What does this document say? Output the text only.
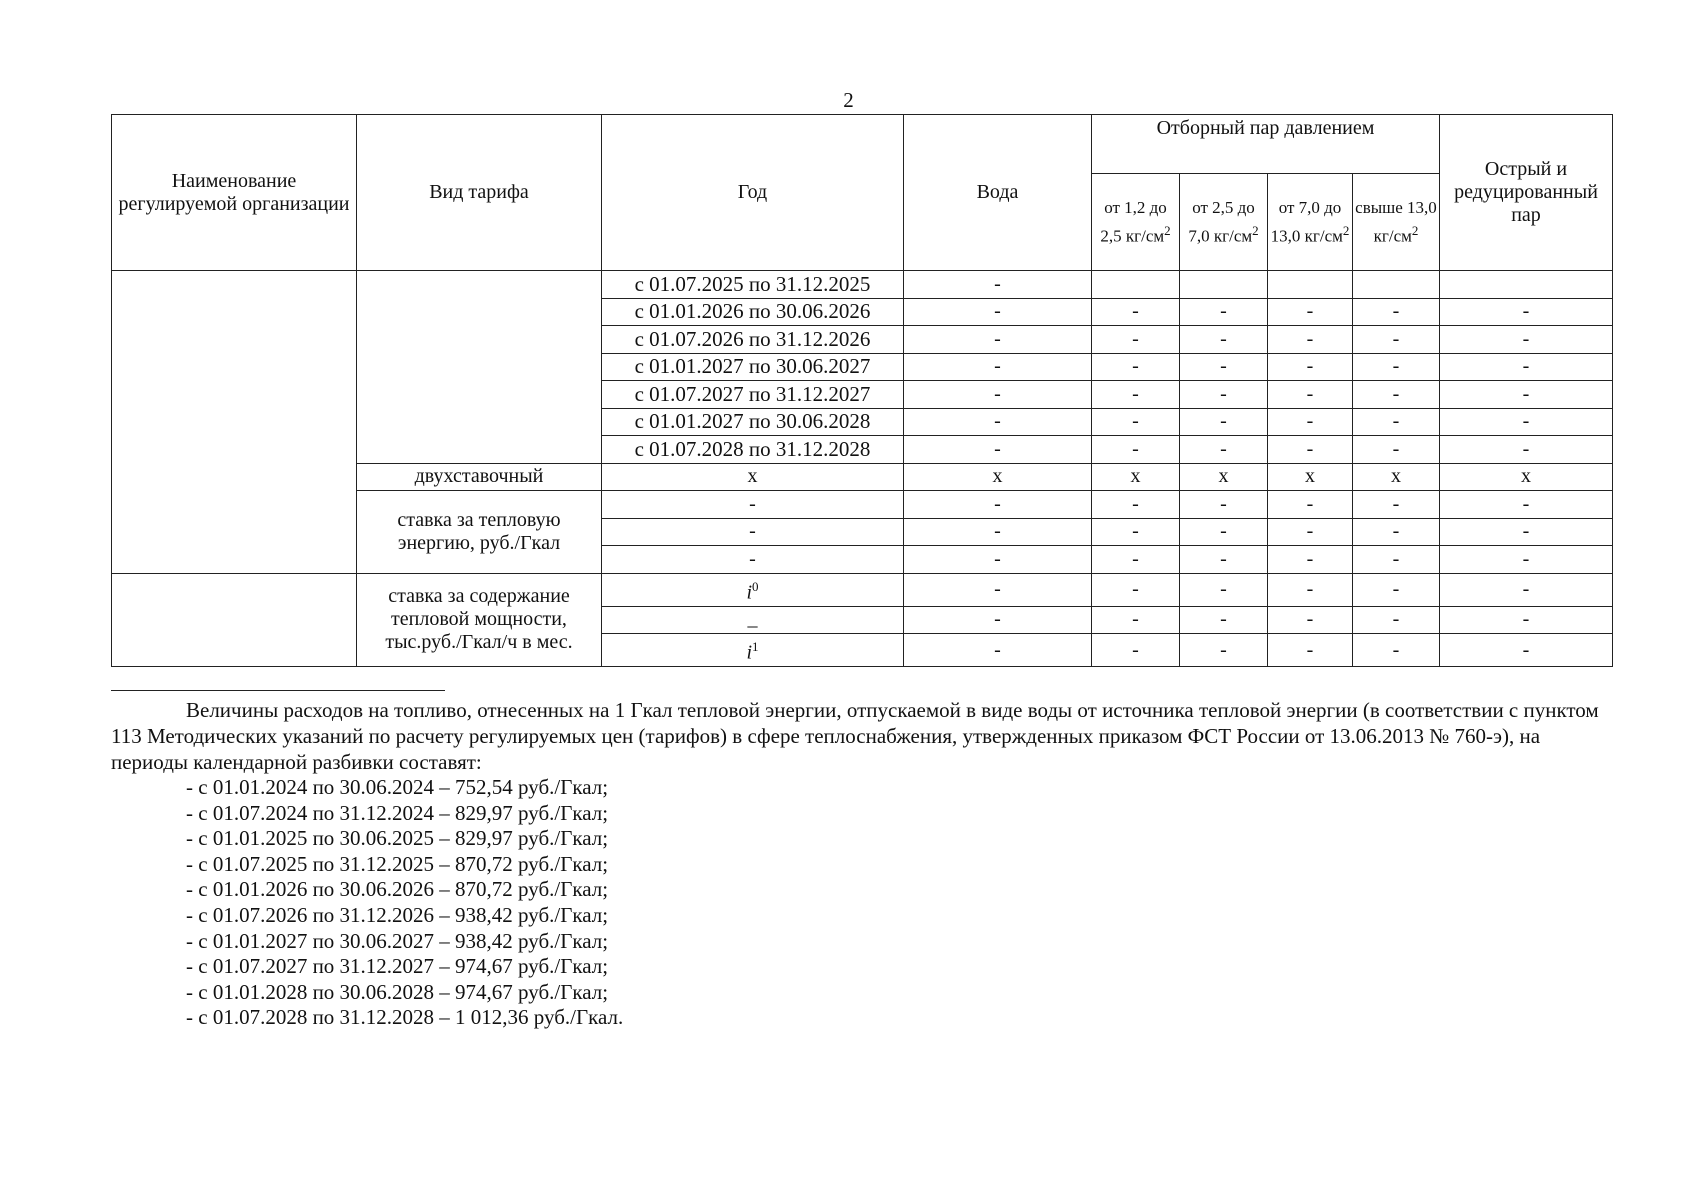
2
Наименование регулируемой организации	Вид тарифа	Год	Вода	Отборный пар давлением				Острый и редуцированный пар
				от 1,2 до 2,5 $кг/см^2$	от 2,5 до 7,0 $кг/см^2$	от 7,0 до 13,0 $кг/см^2$	свыше 13,0 $кг/см^2$
		с 01.07.2025 по 31.12.2025	-					
		с 01.01.2026 по 30.06.2026	-	-	-	-	-	-
		с 01.07.2026 по 31.12.2026	-	-	-	-	-	-
		с 01.01.2027 по 30.06.2027	-	-	-	-	-	-
		с 01.07.2027 по 31.12.2027	-	-	-	-	-	-
		с 01.01.2027 по 30.06.2028	-	-	-	-	-	-
		с 01.07.2028 по 31.12.2028	-	-	-	-	-	-
	двухставочный	х	х	х	х	х	х	х
	ставка за тепловую энергию, руб./Гкал	-	-	-	-	-	-	-
		-	-	-	-	-	-	-
		-	-	-	-	-	-	-
	ставка за содержание тепловой мощности, тыс.руб./Гкал/ч в мес.	$i^0$	-	-	-	-	-	-
		_	-	-	-	-	-	-
		$i^1$	-	-	-	-	-	-

Величины расходов на топливо, отнесенных на 1 Гкал тепловой энергии, отпускаемой в виде воды от источника тепловой энергии (в соответствии с пунктом 113 Методических указаний по расчету регулируемых цен (тарифов) в сфере теплоснабжения, утвержденных приказом ФСТ России от 13.06.2013 № 760-э), на периоды календарной разбивки составят:

- с 01.01.2024 по 30.06.2024 – 752,54 руб./Гкал;
- с 01.07.2024 по 31.12.2024 – 829,97 руб./Гкал;
- с 01.01.2025 по 30.06.2025 – 829,97 руб./Гкал;
- с 01.07.2025 по 31.12.2025 – 870,72 руб./Гкал;
- с 01.01.2026 по 30.06.2026 – 870,72 руб./Гкал;
- с 01.07.2026 по 31.12.2026 – 938,42 руб./Гкал;
- с 01.01.2027 по 30.06.2027 – 938,42 руб./Гкал;
- с 01.07.2027 по 31.12.2027 – 974,67 руб./Гкал;
- с 01.01.2028 по 30.06.2028 – 974,67 руб./Гкал;
- с 01.07.2028 по 31.12.2028 – 1 012,36 руб./Гкал.
